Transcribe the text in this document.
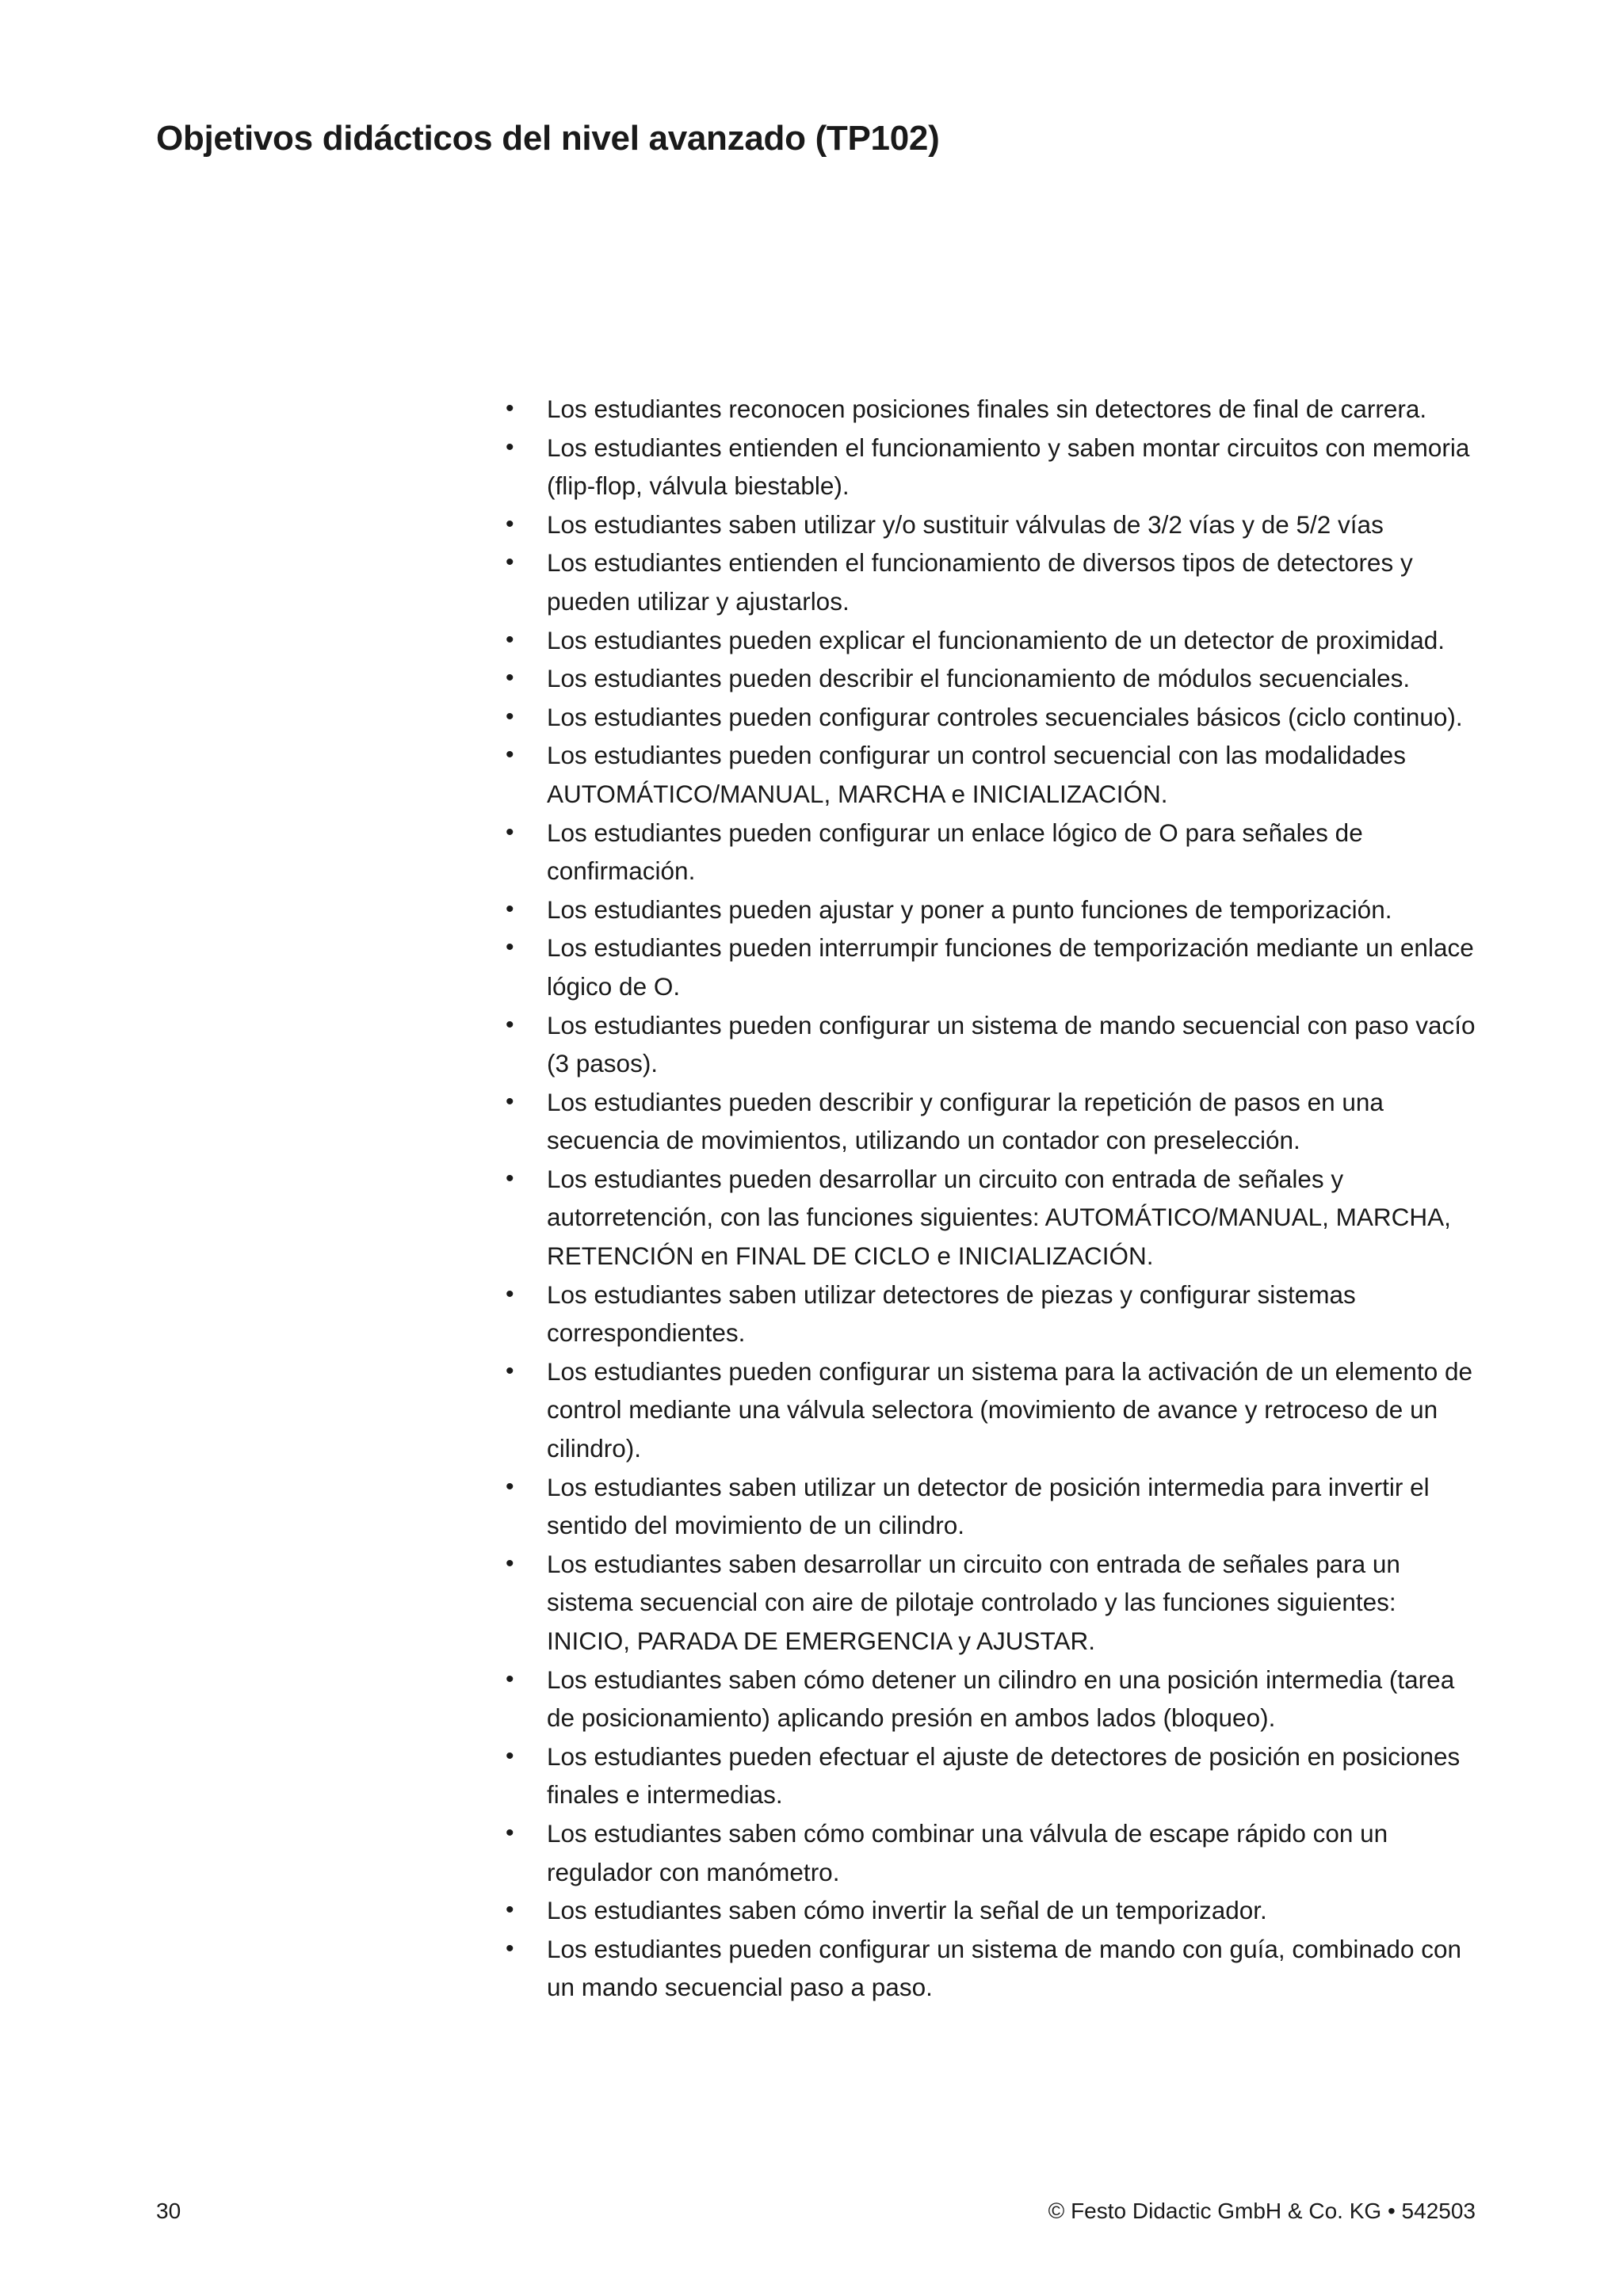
Objetivos didácticos del nivel avanzado (TP102)
•	Los estudiantes reconocen posiciones finales sin detectores de final de carrera.
•	Los estudiantes entienden el funcionamiento y saben montar circuitos con memoria (flip-flop, válvula biestable).
•	Los estudiantes saben utilizar y/o sustituir válvulas de 3/2 vías y de 5/2 vías
•	Los estudiantes entienden el funcionamiento de diversos tipos de detectores y pueden utilizar y ajustarlos.
•	Los estudiantes pueden explicar el funcionamiento de un detector de proximidad.
•	Los estudiantes pueden describir el funcionamiento de módulos secuenciales.
•	Los estudiantes pueden configurar controles secuenciales básicos (ciclo continuo).
•	Los estudiantes pueden configurar un control secuencial con las modalidades AUTOMÁTICO/MANUAL, MARCHA e INICIALIZACIÓN.
•	Los estudiantes pueden configurar un enlace lógico de O para señales de confirmación.
•	Los estudiantes pueden ajustar y poner a punto funciones de temporización.
•	Los estudiantes pueden interrumpir funciones de temporización mediante un enlace lógico de O.
•	Los estudiantes pueden configurar un sistema de mando secuencial con paso vacío (3 pasos).
•	Los estudiantes pueden describir y configurar la repetición de pasos en una secuencia de movimientos, utilizando un contador con preselección.
•	Los estudiantes pueden desarrollar un circuito con entrada de señales y autorretención, con las funciones siguientes: AUTOMÁTICO/MANUAL, MARCHA, RETENCIÓN en FINAL DE CICLO e INICIALIZACIÓN.
•	Los estudiantes saben utilizar detectores de piezas y configurar sistemas correspondientes.
•	Los estudiantes pueden configurar un sistema para la activación de un elemento de control mediante una válvula selectora (movimiento de avance y retroceso de un cilindro).
•	Los estudiantes saben utilizar un detector de posición intermedia para invertir el sentido del movimiento de un cilindro.
•	Los estudiantes saben desarrollar un circuito con entrada de señales para un sistema secuencial con aire de pilotaje controlado y las funciones siguientes: INICIO, PARADA DE EMERGENCIA y AJUSTAR.
•	Los estudiantes saben cómo detener un cilindro en una posición intermedia (tarea de posicionamiento) aplicando presión en ambos lados (bloqueo).
•	Los estudiantes pueden efectuar el ajuste de detectores de posición en posiciones finales e intermedias.
•	Los estudiantes saben cómo combinar una válvula de escape rápido con un regulador con manómetro.
•	Los estudiantes saben cómo invertir la señal de un temporizador.
•	Los estudiantes pueden configurar un sistema de mando con guía, combinado con un mando secuencial paso a paso.
30	© Festo Didactic GmbH & Co. KG • 542503
